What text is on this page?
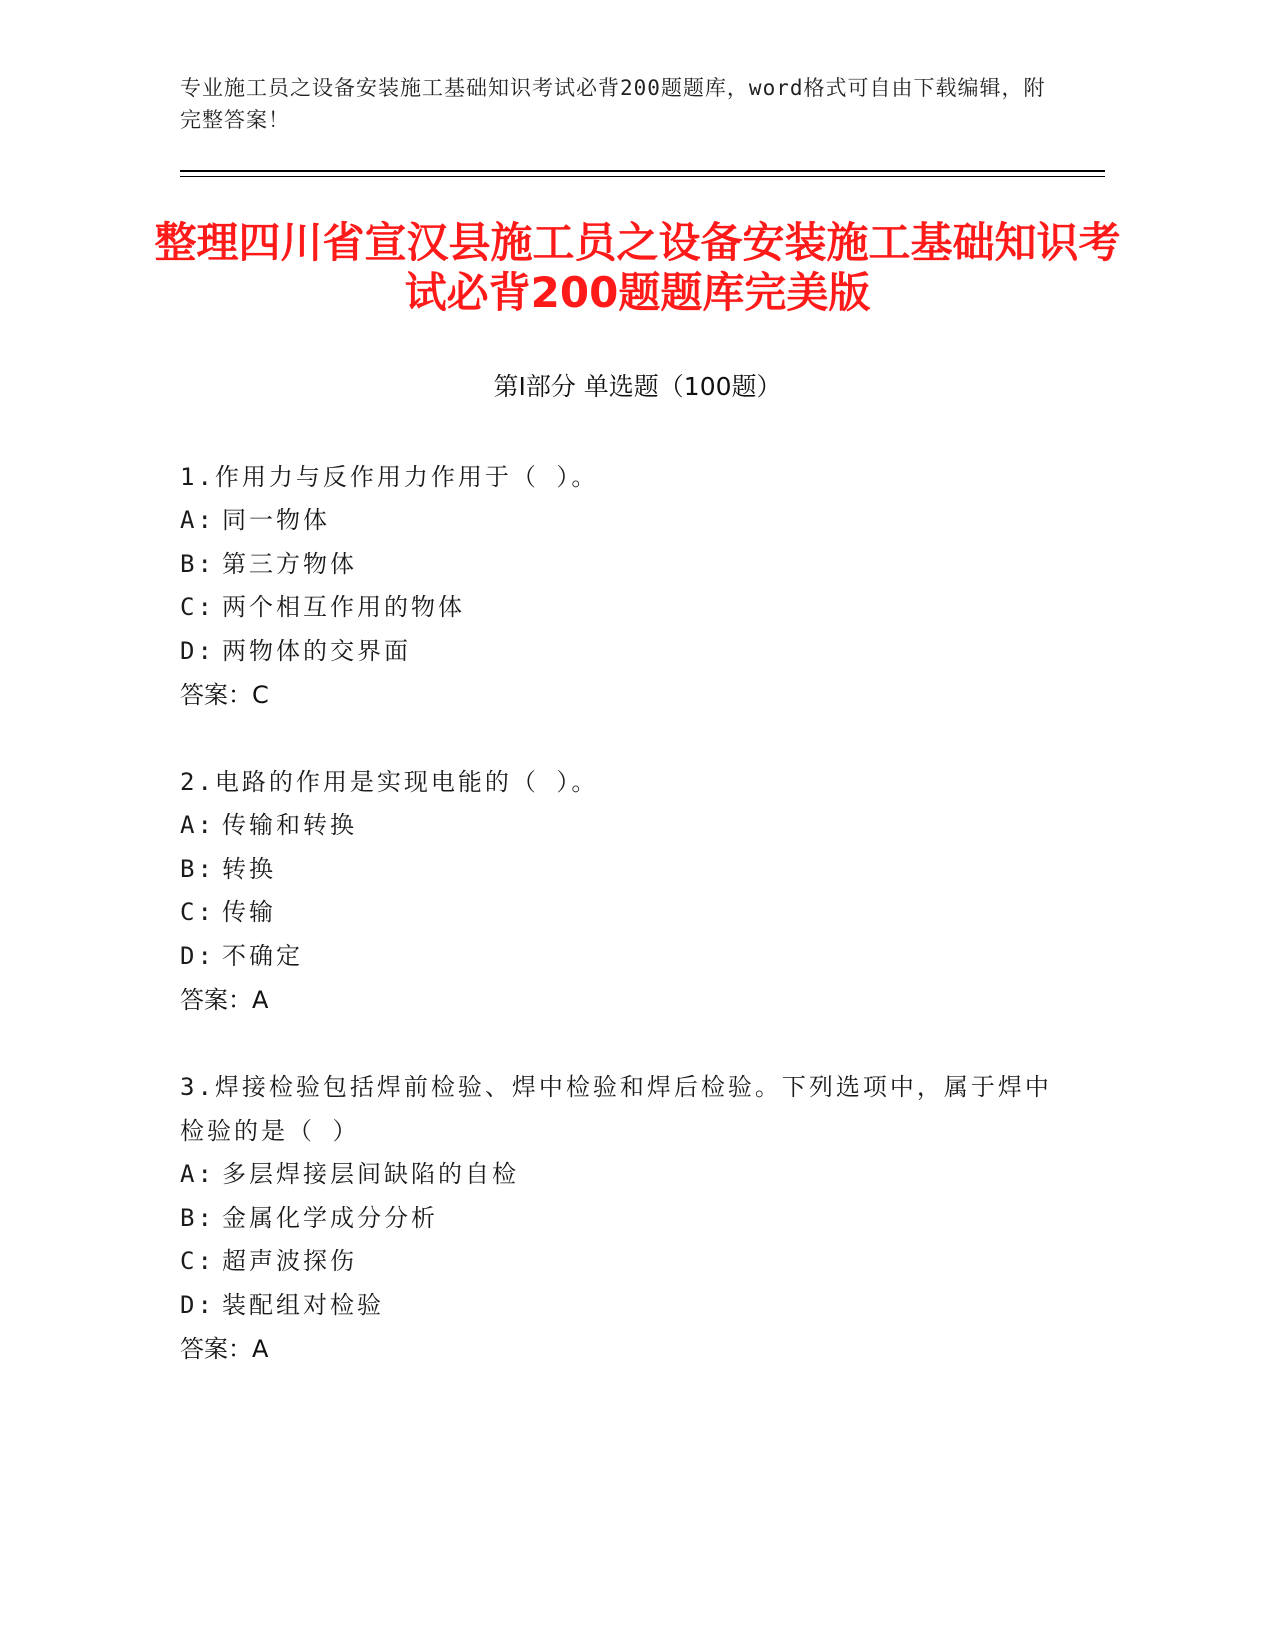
专业施工员之设备安装施工基础知识考试必背200题题库，word格式可自由下载编辑，附完整答案！
整理四川省宣汉县施工员之设备安装施工基础知识考试必背200题题库完美版
第Ⅰ部分 单选题（100题）
1.作用力与反作用力作用于（ ）。
A: 同一物体
B: 第三方物体
C: 两个相互作用的物体
D: 两物体的交界面
答案：C
2.电路的作用是实现电能的（ ）。
A: 传输和转换
B: 转换
C: 传输
D: 不确定
答案：A
3.焊接检验包括焊前检验、焊中检验和焊后检验。下列选项中，属于焊中检验的是（ ）
A: 多层焊接层间缺陷的自检
B: 金属化学成分分析
C: 超声波探伤
D: 装配组对检验
答案：A
